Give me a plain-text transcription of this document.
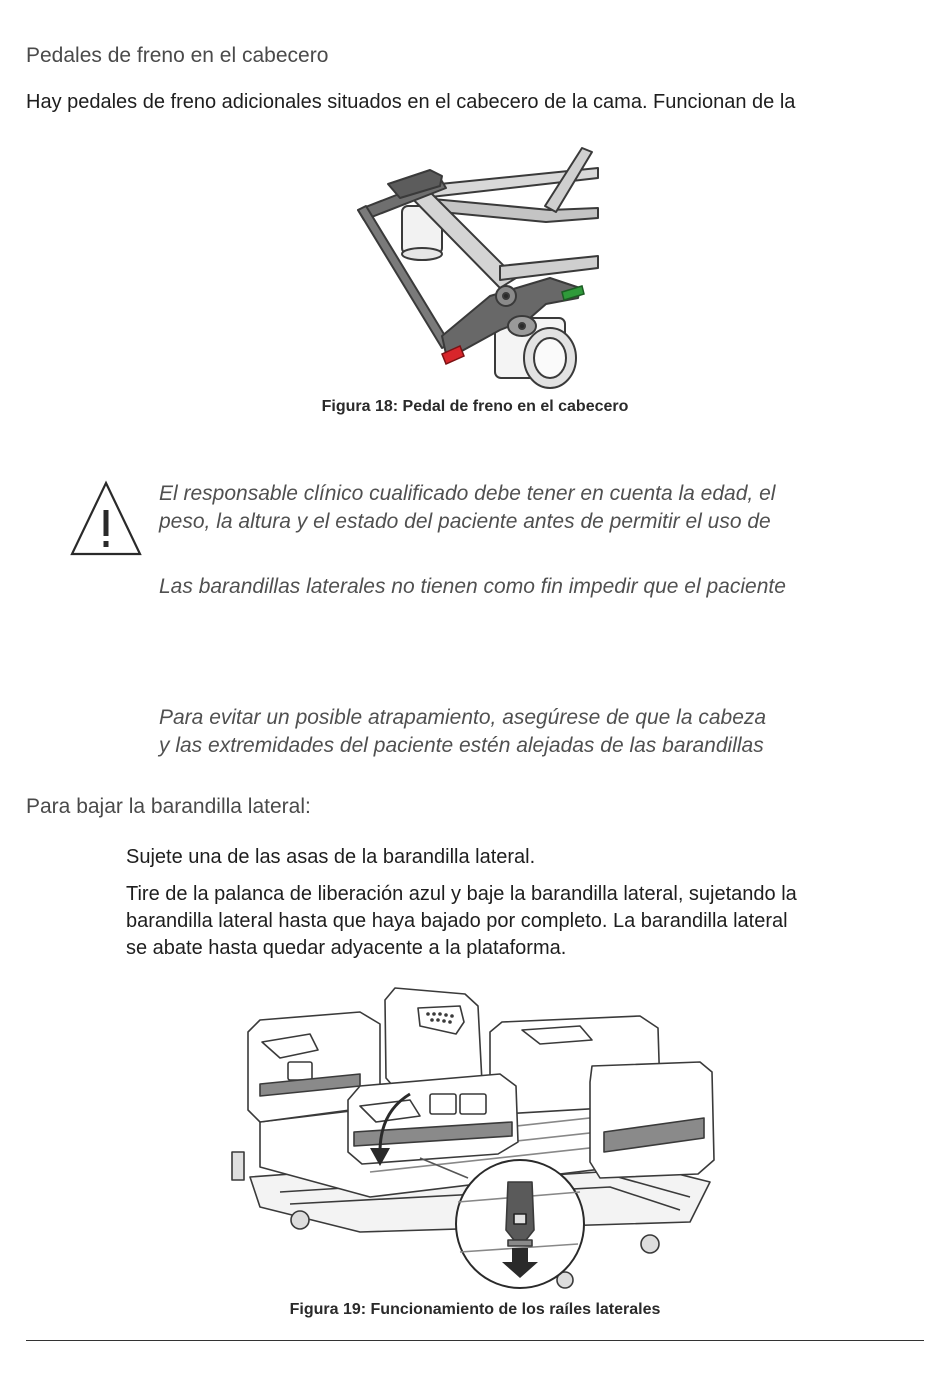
Pedales de freno en el cabecero
Hay pedales de freno adicionales situados en el cabecero de la cama. Funcionan de la
Figura 18: Pedal de freno en el cabecero
El responsable clínico cualificado debe tener en cuenta la edad, el
peso, la altura y el estado del paciente antes de permitir el uso de
Las barandillas laterales no tienen como fin impedir que el paciente
Para evitar un posible atrapamiento, asegúrese de que la cabeza
y las extremidades del paciente estén alejadas de las barandillas
Para bajar la barandilla lateral:
Sujete una de las asas de la barandilla lateral.
Tire de la palanca de liberación azul y baje la barandilla lateral, sujetando la
barandilla lateral hasta que haya bajado por completo. La barandilla lateral
se abate hasta quedar adyacente a la plataforma.
Figura 19: Funcionamiento de los raíles laterales
